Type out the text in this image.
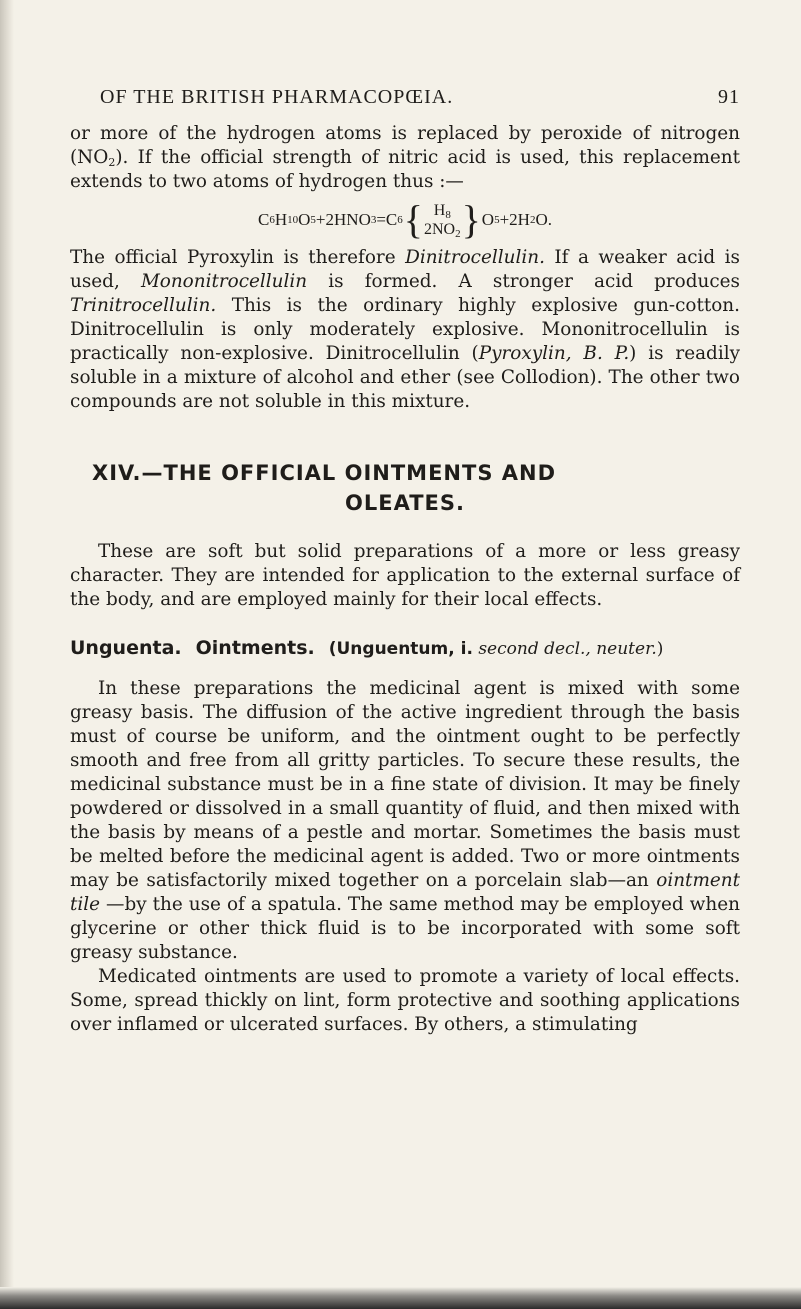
OF THE BRITISH PHARMACOPŒIA.	91

or more of the hydrogen atoms is replaced by peroxide of nitrogen $(NO_2)$. If the official strength of nitric acid is used, this replacement extends to two atoms of hydrogen thus :—

C 6 H 10 O 5 +2HNO 3 =C 6 { $H_8$
$2NO_2$ } O 5 +2H 2 O.

The official Pyroxylin is therefore Dinitrocellulin. If a weaker acid is used, Mononitrocellulin is formed. A stronger acid produces Trinitrocellulin. This is the ordinary highly explosive gun-cotton. Dinitrocellulin is only moderately explosive. Mononitrocellulin is practically non-explosive. Dinitrocellulin (Pyroxylin, B. P.) is readily soluble in a mixture of alcohol and ether (see Collodion). The other two compounds are not soluble in this mixture.

XIV.—THE OFFICIAL OINTMENTS AND
OLEATES.

These are soft but solid preparations of a more or less greasy character. They are intended for application to the external surface of the body, and are employed mainly for their local effects.

Unguenta. Ointments. (Unguentum, i. second decl., neuter.)

In these preparations the medicinal agent is mixed with some greasy basis. The diffusion of the active ingredient through the basis must of course be uniform, and the ointment ought to be perfectly smooth and free from all gritty particles. To secure these results, the medicinal substance must be in a fine state of division. It may be finely powdered or dissolved in a small quantity of fluid, and then mixed with the basis by means of a pestle and mortar. Sometimes the basis must be melted before the medicinal agent is added. Two or more ointments may be satisfactorily mixed together on a porcelain slab—an ointment tile —by the use of a spatula. The same method may be employed when glycerine or other thick fluid is to be incorporated with some soft greasy substance.

Medicated ointments are used to promote a variety of local effects. Some, spread thickly on lint, form protective and soothing applications over inflamed or ulcerated surfaces. By others, a stimulating
